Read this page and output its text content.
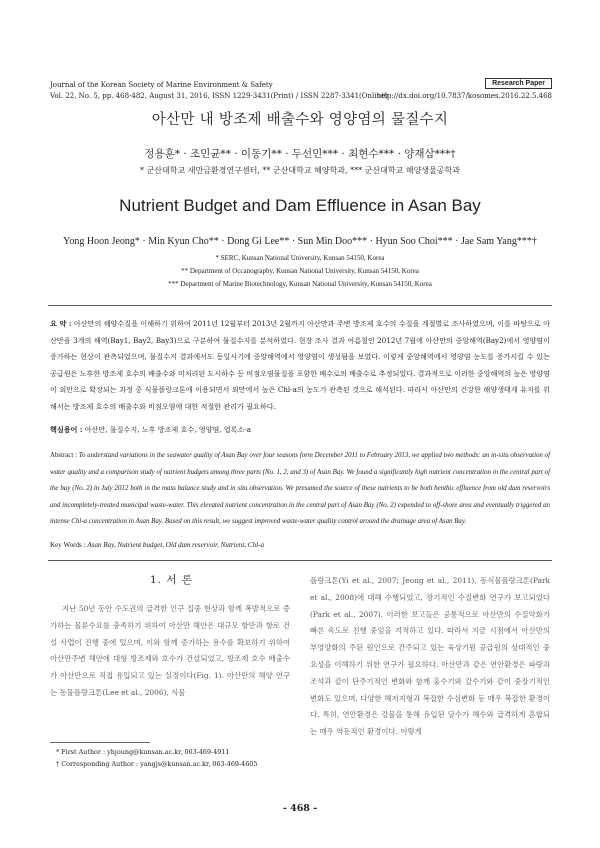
Journal of the Korean Society of Marine Environment & Safety	Research Paper
Vol. 22, No. 5, pp. 468-482, August 31, 2016, ISSN 1229-3431(Print) / ISSN 2287-3341(Online)
http://dx.doi.org/10.7837/kosomes.2016.22.5.468
아산만 내 방조제 배출수와 영양염의 물질수지
정용훈* · 조민균** · 이동기** · 두선민*** · 최현수*** · 양재삼***†
* 군산대학교 새만금환경연구센터, ** 군산대학교 해양학과, *** 군산대학교 해양생물공학과
Nutrient Budget and Dam Effluence in Asan Bay
Yong Hoon Jeong* · Min Kyun Cho** · Dong Gi Lee** · Sun Min Doo*** · Hyun Soo Choi*** · Jae Sam Yang***†
* SERC, Kunsan National University, Kunsan 54150, Korea
** Department of Occanography, Kunsan National University, Kunsan 54150, Korea
*** Department of Marine Biotechnology, Kunsan National University, Kunsan 54150, Korea
요 약 : 아산만의 해양수질을 이해하기 위하여 2011년 12월부터 2013년 2월까지 아산만과 주변 방조제 호수의 수질을 계절별로 조사하였으며, 이를 바탕으로 아산만을 3개의 해역(Bay1, Bay2, Bay3)으로 구분하여 물질수지를 분석하였다. 현장 조사 결과 여름철인 2012년 7월에 아산만의 중앙해역(Bay2)에서 영양염이 증가하는 현상이 관측되었으며, 물질수지 결과에서도 동일시기에 중앙해역에서 영양염이 생성됨을 보였다. 이렇게 중앙해역에서 영양염 농도를 증가시킬 수 있는 공급원은 노후한 방조제 호수의 배출수와 미처리된 도시하수 등 비점오염물질을 포함한 배수로의 배출수로 추정되었다. 결과적으로 이러한 중앙해역의 높은 영양염이 외만으로 확장되는 과정 중 식물플랑크톤에 이용되면서 외만에서 높은 Chl-a의 농도가 관측된 것으로 해석된다. 따라서 아산만의 건강한 해양생태계 유지를 위해서는 방조제 호수의 배출수와 비점오염에 대한 적절한 관리가 필요하다.
핵심용어 : 아산만, 물질수지, 노후 방조제 호수, 영양염, 엽록소-a
Abstract : To understand variations in the seawater quality of Asan Bay over four seasons form December 2011 to February 2013, we applied two methods: an in-situ observation of water quality and a comparison study of nutrient budgets among three parts (No. 1, 2, and 3) of Asan Bay. We found a significantly high nutrient concentration in the central part of the bay (No. 2) in July 2012 both in the mass balance study and in situ observation. We presumed the source of these nutrients to be both benthic effluence from old dam reservoirs and incompletely-treated municipal waste-water. This elevated nutrient concentration in the central part of Asan Bay (No. 2) expended to off-shore area and eventually triggered an intense Chl-a concentration in Asan Bay. Based on this result, we suggest improved waste-water quality control around the drainage area of Asan Bay.
Key Words : Asan Bay, Nutrient budget, Old dam reservoir, Nutrient, Chl-a
1. 서 론
지난 50년 동안 수도권의 급격한 인구 집중 현상과 함께 폭발적으로 증가하는 물류수요를 충족하기 위하여 아산만 해안은 대규모 항만과 항로 건설 사업이 진행 중에 있으며, 이와 함께 증가하는 용수를 확보하기 위하여 아산만주변 해안에 대형 방조제와 호수가 건설되었고, 방조제 호수 배출수가 아산만으로 직접 유입되고 있는 실정이다(Fig. 1). 아산만의 해양 연구는 동물플랑크톤(Lee et al., 2006), 식물
플랑크톤(Yi et al., 2007; Jeong et al., 2011), 동식물플랑크톤(Park et al., 2008)에 대해 수행되었고, 장기적인 수질변화 연구가 보고되었다(Park et al., 2007). 이러한 보고들은 공통적으로 아산만의 수질악화가 빠른 속도로 진행 중임을 지적하고 있다. 따라서 지금 시점에서 아산만의 부영양화의 주된 원인으로 간주되고 있는 육상기원 공급원의 상대적인 중요성을 이해하기 위한 연구가 필요하다. 아산만과 같은 연안환경은 파랑과 조석과 같이 단주기적인 변화와 함께 홍수기와 갈수기와 같이 중장기적인 변화도 있으며, 다양한 해저지형과 복잡한 수심변화 등 매우 복잡한 환경이다. 특히, 연안환경은 강물을 통해 유입된 담수가 해수와 급격하게 혼합되는 매우 역동적인 환경이다. 이렇게
* First Author : yhjoung@kunsan.ac.kr, 063-469-4911
† Corresponding Author : yangjs@kunsan.ac.kr, 063-469-4605
- 468 -
